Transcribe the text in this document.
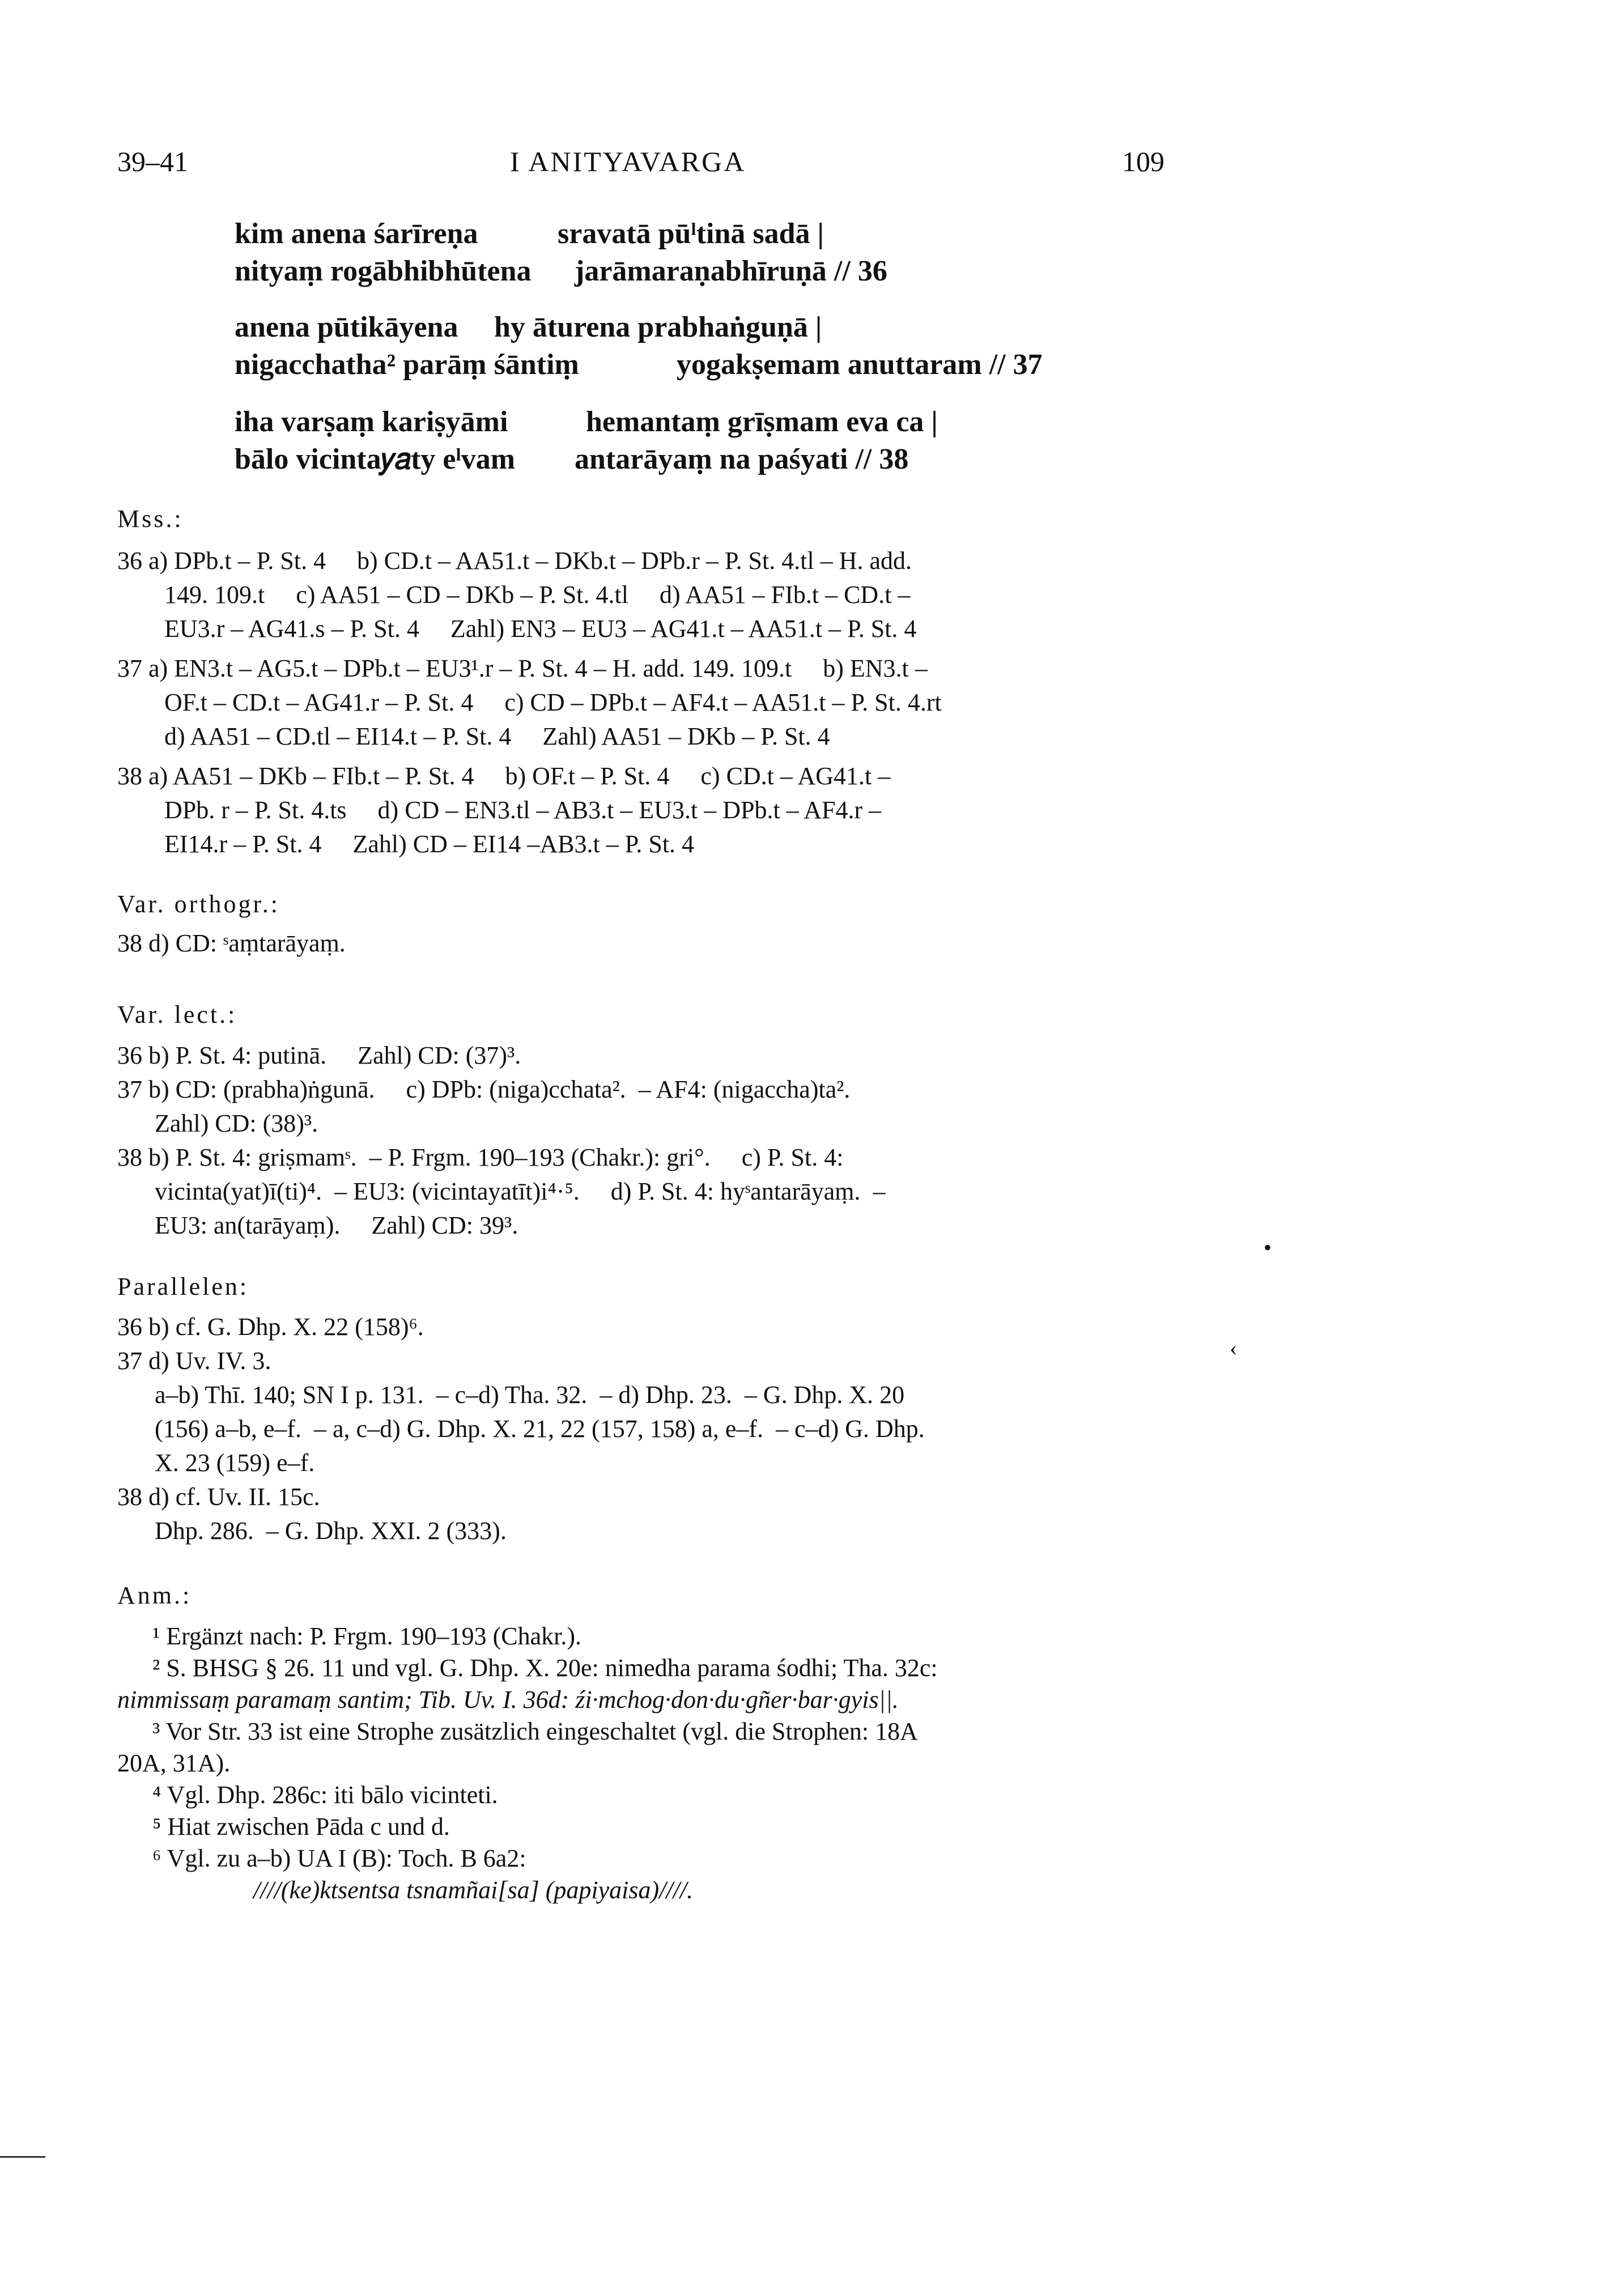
39–41	I ANITYAVARGA	109
kim anena śarīreṇa	sravatā pūˡtinā sadā |
nityaṃ rogābhibhūtena jarāmaraṇabhīruṇā // 36
anena pūtikāyena hy āturena prabhaṅguṇā |
nigacchatha² parāṃ śāntiṃ	yogakṣemam anuttaram // 37
iha varṣaṃ kariṣyāmi	hemantaṃ grīṣmam eva ca |
bālo vicinta𝑦𝑎ty eˡvam antarāyaṃ na paśyati // 38
Mss.:
36 a) DPb.t – P. St. 4     b) CD.t – AA51.t – DKb.t – DPb.r – P. St. 4.tl – H. add.
149. 109.t     c) AA51 – CD – DKb – P. St. 4.tl     d) AA51 – FIb.t – CD.t –
EU3.r – AG41.s – P. St. 4     Zahl) EN3 – EU3 – AG41.t – AA51.t – P. St. 4
37 a) EN3.t – AG5.t – DPb.t – EU3¹.r – P. St. 4 – H. add. 149. 109.t     b) EN3.t –
OF.t – CD.t – AG41.r – P. St. 4     c) CD – DPb.t – AF4.t – AA51.t – P. St. 4.rt
d) AA51 – CD.tl – EI14.t – P. St. 4     Zahl) AA51 – DKb – P. St. 4
38 a) AA51 – DKb – FIb.t – P. St. 4     b) OF.t – P. St. 4     c) CD.t – AG41.t –
DPb. r – P. St. 4.ts     d) CD – EN3.tl – AB3.t – EU3.t – DPb.t – AF4.r –
EI14.r – P. St. 4     Zahl) CD – EI14 –AB3.t – P. St. 4
Var. orthogr.:
38 d) CD: ˢaṃtarāyaṃ.
Var. lect.:
36 b) P. St. 4: putinā.     Zahl) CD: (37)³.
37 b) CD: (prabha)ṅgunā.     c) DPb: (niga)cchata².  – AF4: (nigaccha)ta².
Zahl) CD: (38)³.
38 b) P. St. 4: griṣmamˢ.  – P. Frgm. 190–193 (Chakr.): gri°.     c) P. St. 4:
vicinta(yat)ī(ti)⁴.  – EU3: (vicintayatīt)i⁴·⁵.     d) P. St. 4: hyˢantarāyaṃ.  –
EU3: an(tarāyaṃ).     Zahl) CD: 39³.
Parallelen:
36 b) cf. G. Dhp. X. 22 (158)⁶.
37 d) Uv. IV. 3.
a–b) Thī. 140; SN I p. 131.  – c–d) Tha. 32.  – d) Dhp. 23.  – G. Dhp. X. 20
(156) a–b, e–f.  – a, c–d) G. Dhp. X. 21, 22 (157, 158) a, e–f.  – c–d) G. Dhp.
X. 23 (159) e–f.
38 d) cf. Uv. II. 15c.
Dhp. 286.  – G. Dhp. XXI. 2 (333).
Anm.:
¹ Ergänzt nach: P. Frgm. 190–193 (Chakr.).
² S. BHSG § 26. 11 und vgl. G. Dhp. X. 20e: nimedha parama śodhi; Tha. 32c:
nimmissaṃ paramaṃ santim; Tib. Uv. I. 36d: źi·mchog·don·du·gñer·bar·gyis||.
³ Vor Str. 33 ist eine Strophe zusätzlich eingeschaltet (vgl. die Strophen: 18A
20A, 31A).
⁴ Vgl. Dhp. 286c: iti bālo vicinteti.
⁵ Hiat zwischen Pāda c und d.
⁶ Vgl. zu a–b) UA I (B): Toch. B 6a2:
////(ke)ktsentsa tsnamñai[sa] (papiyaisa)////.
•
‹
